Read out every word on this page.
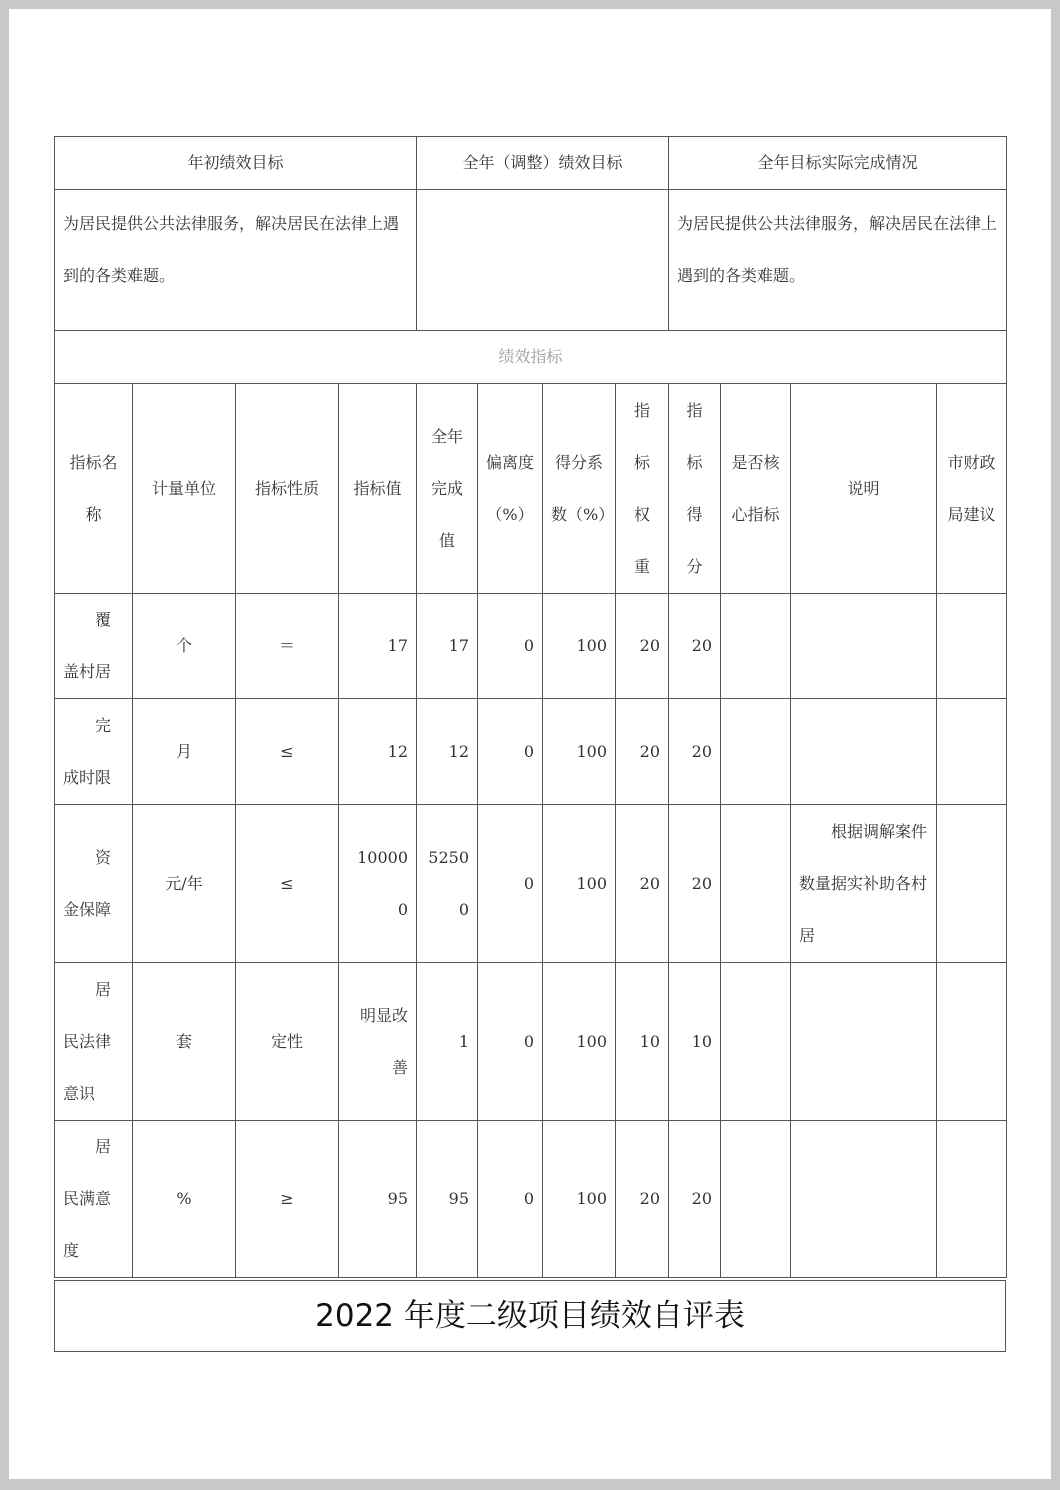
年初绩效目标				全年（调整）绩效目标				全年目标实际完成情况			
为居民提供公共法律服务，解决居民在法律上遇到的各类难题。								为居民提供公共法律服务，解决居民在法律上遇到的各类难题。			
绩效指标											
指标名称	计量单位	指标性质	指标值	全年完成值	偏离度（%）	得分系数（%）	指标权重	指标得分	是否核心指标	说明	市财政局建议
覆盖村居	个	＝	17	17	0	100	20	20			
完成时限	月	≤	12	12	0	100	20	20			
资金保障	元/年	≤	100000	52500	0	100	20	20		根据调解案件数量据实补助各村居	
居民法律意识	套	定性	明显改善	1	0	100	10	10			
居民满意度	%	≥	95	95	0	100	20	20			
2022 年度二级项目绩效自评表
